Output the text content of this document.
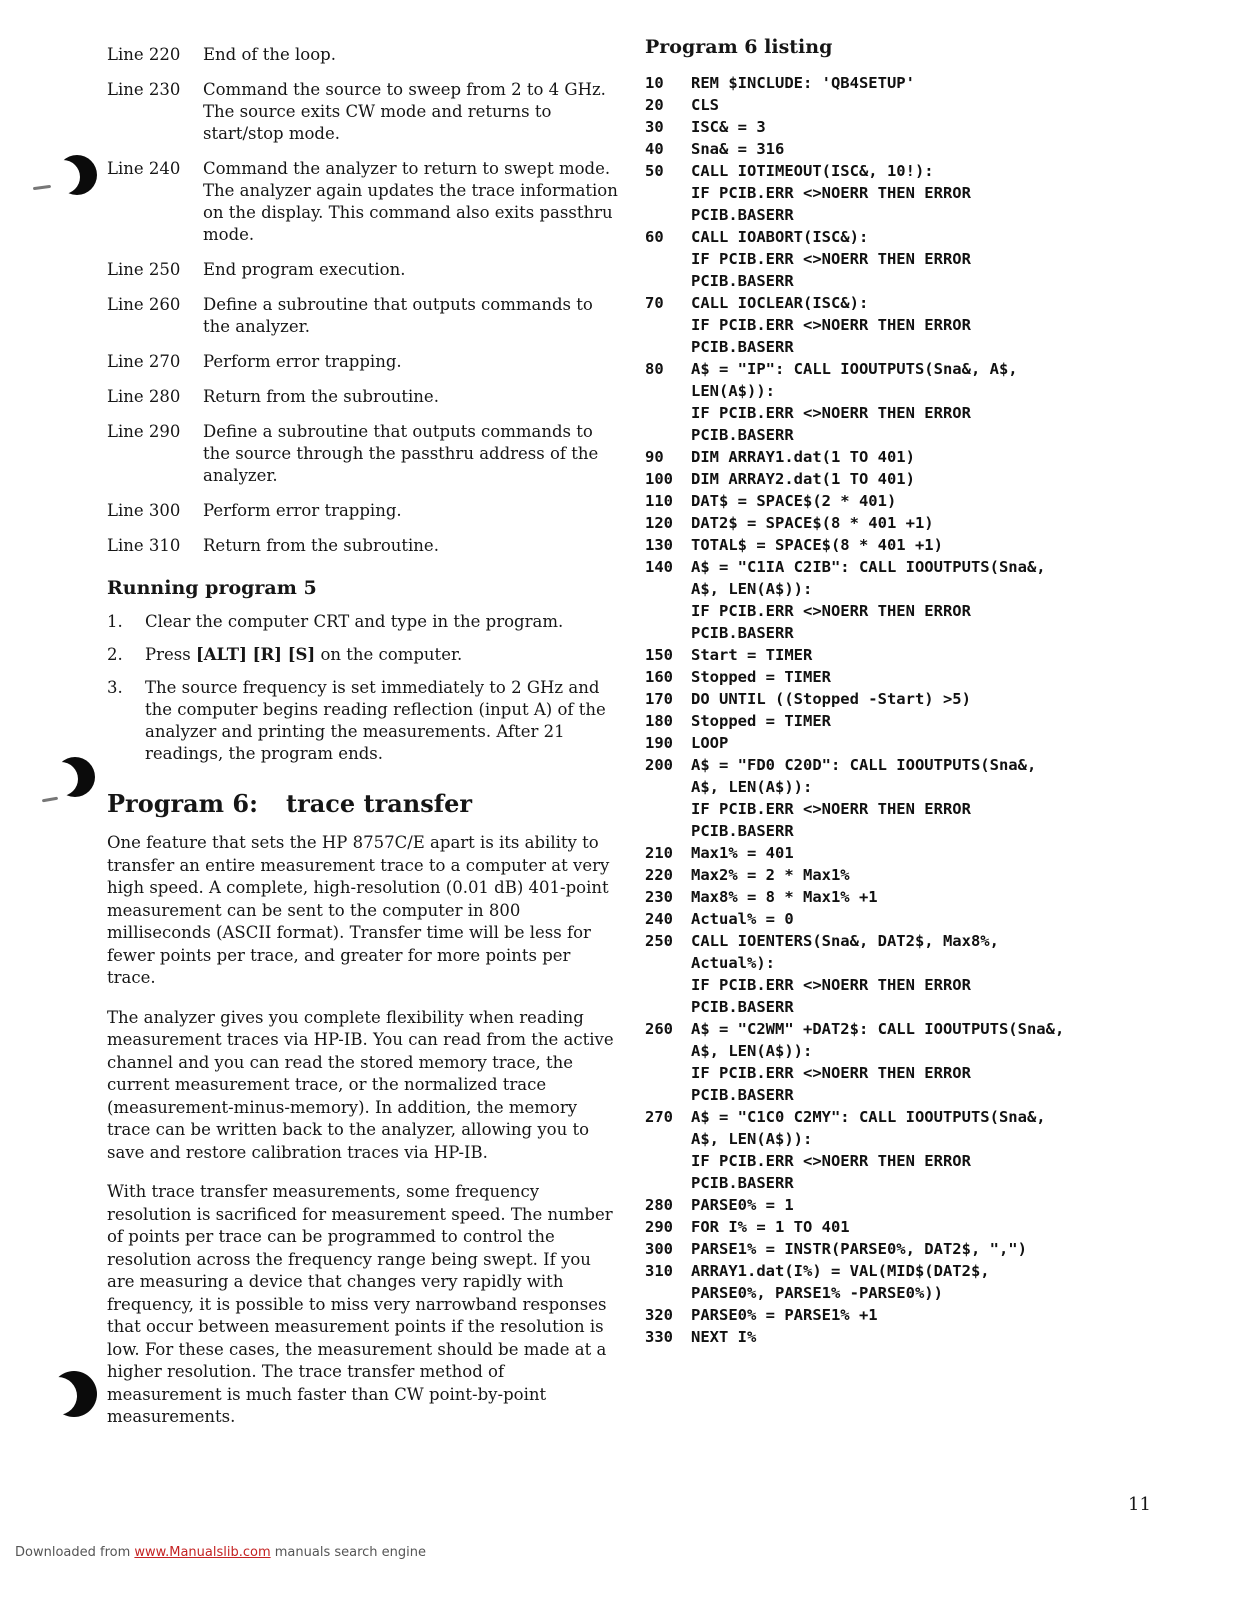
Line 220	End of the loop.
Line 230	Command the source to sweep from 2 to 4 GHz. The source exits CW mode and returns to start/stop mode.
Line 240	Command the analyzer to return to swept mode. The analyzer again updates the trace information on the display. This command also exits passthru mode.
Line 250	End program execution.
Line 260	Define a subroutine that outputs commands to the analyzer.
Line 270	Perform error trapping.
Line 280	Return from the subroutine.
Line 290	Define a subroutine that outputs commands to the source through the passthru address of the analyzer.
Line 300	Perform error trapping.
Line 310	Return from the subroutine.
Running program 5
1.	Clear the computer CRT and type in the program.
2.	Press [ALT] [R] [S] on the computer.
3.	The source frequency is set immediately to 2 GHz and the computer begins reading reflection (input A) of the analyzer and printing the measurements. After 21 readings, the program ends.
Program 6: trace transfer

One feature that sets the HP 8757C/E apart is its ability to transfer an entire measurement trace to a computer at very high speed. A complete, high-resolution (0.01 dB) 401-point measurement can be sent to the computer in 800 milliseconds (ASCII format). Transfer time will be less for fewer points per trace, and greater for more points per trace.

The analyzer gives you complete flexibility when reading measurement traces via HP-IB. You can read from the active channel and you can read the stored memory trace, the current measurement trace, or the normalized trace (measurement-minus-memory). In addition, the memory trace can be written back to the analyzer, allowing you to save and restore calibration traces via HP-IB.

With trace transfer measurements, some frequency resolution is sacrificed for measurement speed. The number of points per trace can be programmed to control the resolution across the frequency range being swept. If you are measuring a device that changes very rapidly with frequency, it is possible to miss very narrowband responses that occur between measurement points if the resolution is low. For these cases, the measurement should be made at a higher resolution. The trace transfer method of measurement is much faster than CW point-by-point measurements.

Program 6 listing
10	REM $INCLUDE: 'QB4SETUP'
20	CLS
30	ISC& = 3
40	Sna& = 316
50	CALL IOTIMEOUT(ISC&, 10!):
IF PCIB.ERR <>NOERR THEN ERROR
PCIB.BASERR
60	CALL IOABORT(ISC&):
IF PCIB.ERR <>NOERR THEN ERROR
PCIB.BASERR
70	CALL IOCLEAR(ISC&):
IF PCIB.ERR <>NOERR THEN ERROR
PCIB.BASERR
80	A$ = "IP": CALL IOOUTPUTS(Sna&, A$,
LEN(A$)):
IF PCIB.ERR <>NOERR THEN ERROR
PCIB.BASERR
90	DIM ARRAY1.dat(1 TO 401)
100	DIM ARRAY2.dat(1 TO 401)
110	DAT$ = SPACE$(2 * 401)
120	DAT2$ = SPACE$(8 * 401 +1)
130	TOTAL$ = SPACE$(8 * 401 +1)
140	A$ = "C1IA C2IB": CALL IOOUTPUTS(Sna&,
A$, LEN(A$)):
IF PCIB.ERR <>NOERR THEN ERROR
PCIB.BASERR
150	Start = TIMER
160	Stopped = TIMER
170	DO UNTIL ((Stopped -Start) >5)
180	Stopped = TIMER
190	LOOP
200	A$ = "FD0 C20D": CALL IOOUTPUTS(Sna&,
A$, LEN(A$)):
IF PCIB.ERR <>NOERR THEN ERROR
PCIB.BASERR
210	Max1% = 401
220	Max2% = 2 * Max1%
230	Max8% = 8 * Max1% +1
240	Actual% = 0
250	CALL IOENTERS(Sna&, DAT2$, Max8%,
Actual%):
IF PCIB.ERR <>NOERR THEN ERROR
PCIB.BASERR
260	A$ = "C2WM" +DAT2$: CALL IOOUTPUTS(Sna&,
A$, LEN(A$)):
IF PCIB.ERR <>NOERR THEN ERROR
PCIB.BASERR
270	A$ = "C1C0 C2MY": CALL IOOUTPUTS(Sna&,
A$, LEN(A$)):
IF PCIB.ERR <>NOERR THEN ERROR
PCIB.BASERR
280	PARSE0% = 1
290	FOR I% = 1 TO 401
300	PARSE1% = INSTR(PARSE0%, DAT2$, ",")
310	ARRAY1.dat(I%) = VAL(MID$(DAT2$,
PARSE0%, PARSE1% -PARSE0%))
320	PARSE0% = PARSE1% +1
330	NEXT I%
11
Downloaded from www.Manualslib.com manuals search engine
